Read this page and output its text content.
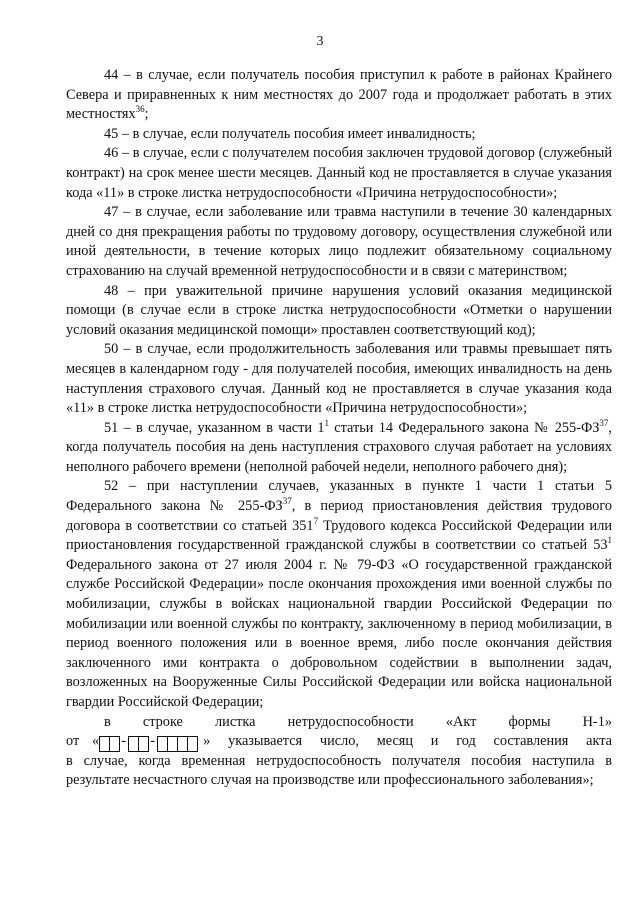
3

44 – в случае, если получатель пособия приступил к работе в районах Крайнего Севера и приравненных к ним местностях до 2007 года и продолжает работать в этих местностях$^{36}$;

45 – в случае, если получатель пособия имеет инвалидность;

46 – в случае, если с получателем пособия заключен трудовой договор (служебный контракт) на срок менее шести месяцев. Данный код не проставляется в случае указания кода «11» в строке листка нетрудоспособности «Причина нетрудоспособности»;

47 – в случае, если заболевание или травма наступили в течение 30 календарных дней со дня прекращения работы по трудовому договору, осуществления служебной или иной деятельности, в течение которых лицо подлежит обязательному социальному страхованию на случай временной нетрудоспособности и в связи с материнством;

48 – при уважительной причине нарушения условий оказания медицинской помощи (в случае если в строке листка нетрудоспособности «Отметки о нарушении условий оказания медицинской помощи» проставлен соответствующий код);

50 – в случае, если продолжительность заболевания или травмы превышает пять месяцев в календарном году - для получателей пособия, имеющих инвалидность на день наступления страхового случая. Данный код не проставляется в случае указания кода «11» в строке листка нетрудоспособности «Причина нетрудоспособности»;

51 – в случае, указанном в части $1^1$ статьи 14 Федерального закона № 255-ФЗ$^{37}$, когда получатель пособия на день наступления страхового случая работает на условиях неполного рабочего времени (неполной рабочей недели, неполного рабочего дня);

52 – при наступлении случаев, указанных в пункте 1 части 1 статьи 5 Федерального закона № 255-ФЗ$^{37}$, в период приостановления действия трудового договора в соответствии со статьей $351^7$ Трудового кодекса Российской Федерации или приостановления государственной гражданской службы в соответствии со статьей $53^1$ Федерального закона от 27 июля 2004 г. № 79-ФЗ «О государственной гражданской службе Российской Федерации» после окончания прохождения ими военной службы по мобилизации, службы в войсках национальной гвардии Российской Федерации по мобилизации или военной службы по контракту, заключенному в период мобилизации, в период военного положения или в военное время, либо после окончания действия заключенного ими контракта о добровольном содействии в выполнении задач, возложенных на Вооруженные Силы Российской Федерации или войска национальной гвардии Российской Федерации;

в строке листка нетрудоспособности «Акт формы Н-1»

от « - -	» указывается число, месяц и год составления акта

в случае, когда временная нетрудоспособность получателя пособия наступила в результате несчастного случая на производстве или профессионального заболевания»;
